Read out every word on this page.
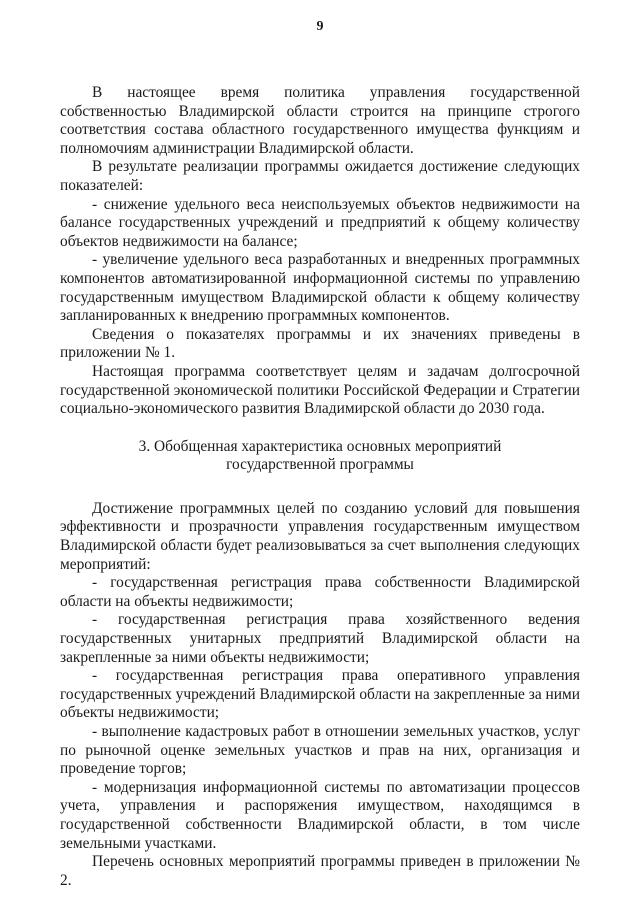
9

В настоящее время политика управления государственной собственностью Владимирской области строится на принципе строгого соответствия состава областного государственного имущества функциям и полномочиям администрации Владимирской области.

В результате реализации программы ожидается достижение следующих показателей:

- снижение удельного веса неиспользуемых объектов недвижимости на балансе государственных учреждений и предприятий к общему количеству объектов недвижимости на балансе;

- увеличение удельного веса разработанных и внедренных программных компонентов автоматизированной информационной системы по управлению государственным имуществом Владимирской области к общему количеству запланированных к внедрению программных компонентов.

Сведения о показателях программы и их значениях приведены в приложении № 1.

Настоящая программа соответствует целям и задачам долгосрочной государственной экономической политики Российской Федерации и Стратегии социально-экономического развития Владимирской области до 2030 года.

3. Обобщенная характеристика основных мероприятий
государственной программы

Достижение программных целей по созданию условий для повышения эффективности и прозрачности управления государственным имуществом Владимирской области будет реализовываться за счет выполнения следующих мероприятий:

- государственная регистрация права собственности Владимирской области на объекты недвижимости;

- государственная регистрация права хозяйственного ведения государственных унитарных предприятий Владимирской области на закрепленные за ними объекты недвижимости;

- государственная регистрация права оперативного управления государственных учреждений Владимирской области на закрепленные за ними объекты недвижимости;

- выполнение кадастровых работ в отношении земельных участков, услуг по рыночной оценке земельных участков и прав на них, организация и проведение торгов;

- модернизация информационной системы по автоматизации процессов учета, управления и распоряжения имуществом, находящимся в государственной собственности Владимирской области, в том числе земельными участками.

Перечень основных мероприятий программы приведен в приложении № 2.
